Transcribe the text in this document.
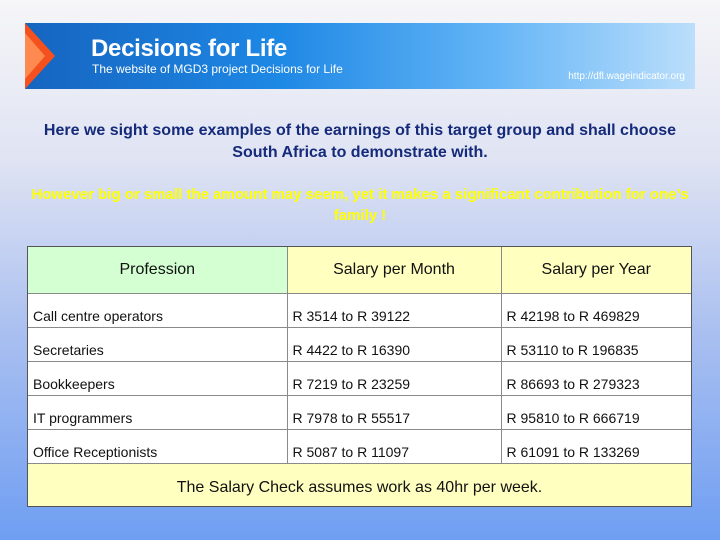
Decisions for Life
The website of MGD3 project Decisions for Life
http://dfl.wageindicator.org
Here we sight some examples of the earnings of this target group and shall choose South Africa to demonstrate with.
However big or small the amount may seem, yet it makes a significant contribution for one’s family !
Profession	Salary per Month	Salary per Year
Call centre operators	R 3514 to R 39122	R 42198 to R 469829
Secretaries	R 4422 to R 16390	R 53110 to R 196835
Bookkeepers	R 7219 to R 23259	R 86693 to R 279323
IT programmers	R 7978 to R 55517	R 95810 to R 666719
Office Receptionists	R 5087 to R 11097	R 61091 to R 133269
The Salary Check assumes work as 40hr per week.
